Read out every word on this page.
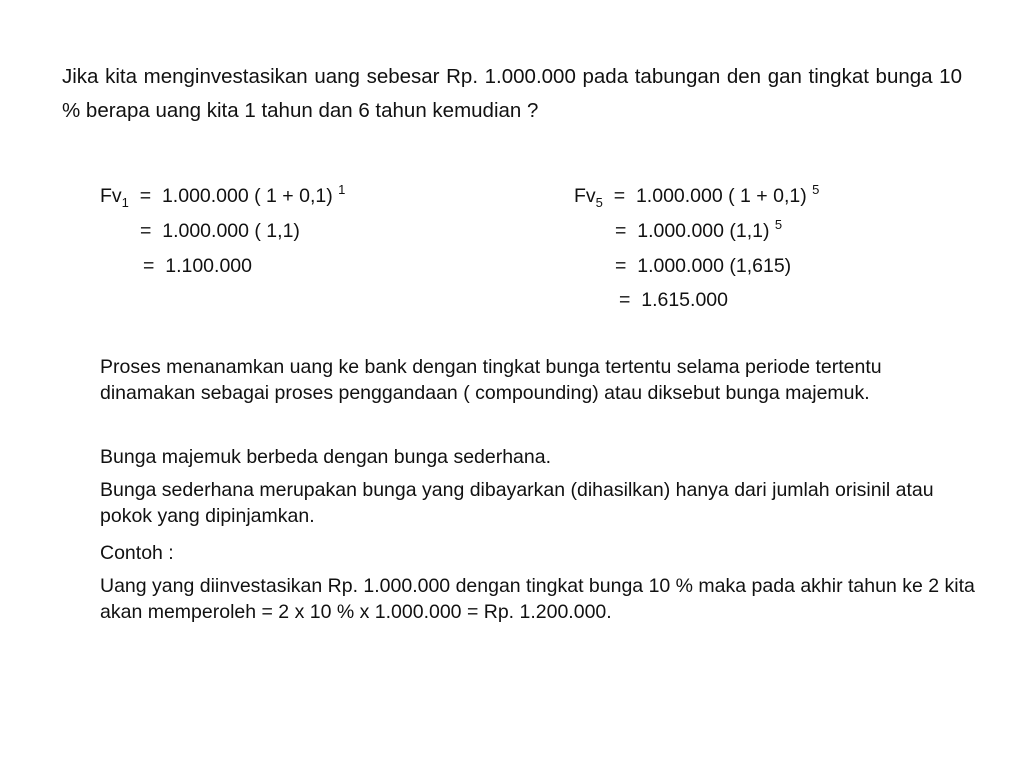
Jika kita menginvestasikan uang sebesar Rp. 1.000.000 pada tabungan den gan tingkat bunga 10 % berapa uang kita 1 tahun dan 6 tahun kemudian ?

$Fv_1 = 1.000.000$ ( 1 + 0,1) $^1$
=  1.000.000 ( 1,1)
=  1.100.000
$Fv_5 = 1.000.000$ ( 1 + 0,1) $^5$
=  1.000.000 (1,1) $^5$
=  1.000.000 (1,615)
=  1.615.000

Proses menanamkan uang ke bank dengan tingkat bunga tertentu selama periode tertentu dinamakan sebagai proses penggandaan ( compounding) atau diksebut bunga majemuk.

Bunga majemuk berbeda dengan bunga sederhana.

Bunga sederhana merupakan bunga yang dibayarkan (dihasilkan) hanya dari jumlah orisinil atau pokok yang dipinjamkan.

Contoh :

Uang yang diinvestasikan Rp. 1.000.000 dengan tingkat bunga 10 % maka pada akhir tahun ke 2 kita akan memperoleh = 2 x 10 % x 1.000.000 = Rp. 1.200.000.
